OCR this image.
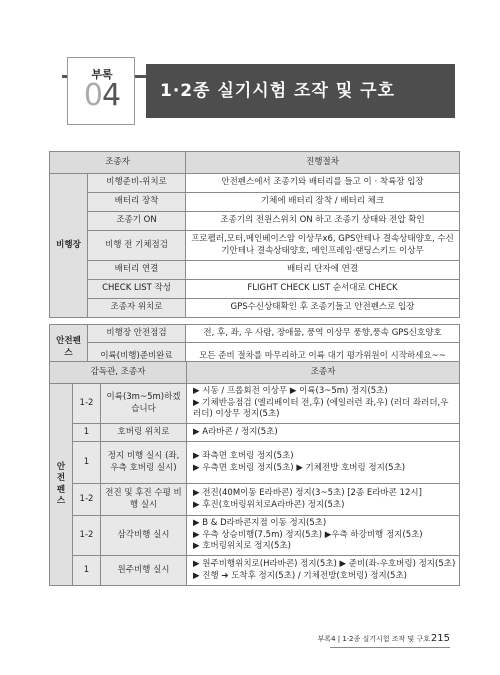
1·2종 실기시험 조작 및 구호
부록
04
조종자		진행절차
비행장	비행준비-위치로	안전펜스에서 조종기와 배터리를 들고 이 · 착륙장 입장
	배터리 장착	기체에 배터리 장착 / 배터리 체크
	조종기 ON	조종기의 전원스위치 ON 하고 조종기 상태와 전압 확인
	비행 전 기체점검	프로펠러,모터,메인베이스암 이상무x6, GPS안테나 결속상태양호, 수신기안테나 결속상태양호, 메인프레임·랜딩스키드 이상무
	배터리 연결	배터리 단자에 연결
	CHECK LIST 작성	FLIGHT CHECK LIST 순서대로 CHECK
	조종자 위치로	GPS수신상태확인 후 조종기들고 안전펜스로 입장

안전펜스	비행장 안전점검	전, 후, 좌, 우 사람, 장애물, 풍역 이상무 풍향,풍속 GPS신호양호
	이륙(비행)준비완료	모든 준비 절차를 마무리하고 이륙 대기 평가위원이 시작하세요~~
감독관, 조종자			조종자
안전펜스	1-2	이륙(3m~5m)하겠습니다	▶ 시동 / 프롭회전 이상무 ▶ 이륙(3~5m) 정지(5초)
▶ 기체반응점검 (엘리베이터 전,후) (에일러런 좌,우) (러더 좌러더,우러더) 이상무 정지(5초)

	1	호버링 위치로	▶ A라바콘 / 정지(5초)

	1	정지 비행 실시 (좌,우측 호버링 실시)	▶ 좌측면 호버링 정지(5초)
▶ 우측면 호버링 정지(5초) ▶ 기체전방 호버링 정지(5초)

	1-2	전진 및 후진 수평 비행 실시	▶ 전진(40M이동 E라바콘) 정지(3~5초) [2종 E라바콘 12시]
▶ 후진(호버링위치로A라바콘) 정지(5초)

	1-2	삼각비행 실시	▶ B & D라바콘지점 이동 정지(5초)
▶ 우측 상승비행(7.5m) 정지(5초) ▶우측 하강비행 정지(5초)
▶ 호버링위치로 정지(5초)

	1	원주비행 실시	▶ 원주비행위치로(H라바콘) 정지(5초) ▶ 준비(좌-우호버링) 정지(5초)
▶ 진행 ➔ 도착후 정지(5초) / 기체전방(호버링) 정지(5초)
부록4 | 1·2종 실기시험 조작 및 구호 215
